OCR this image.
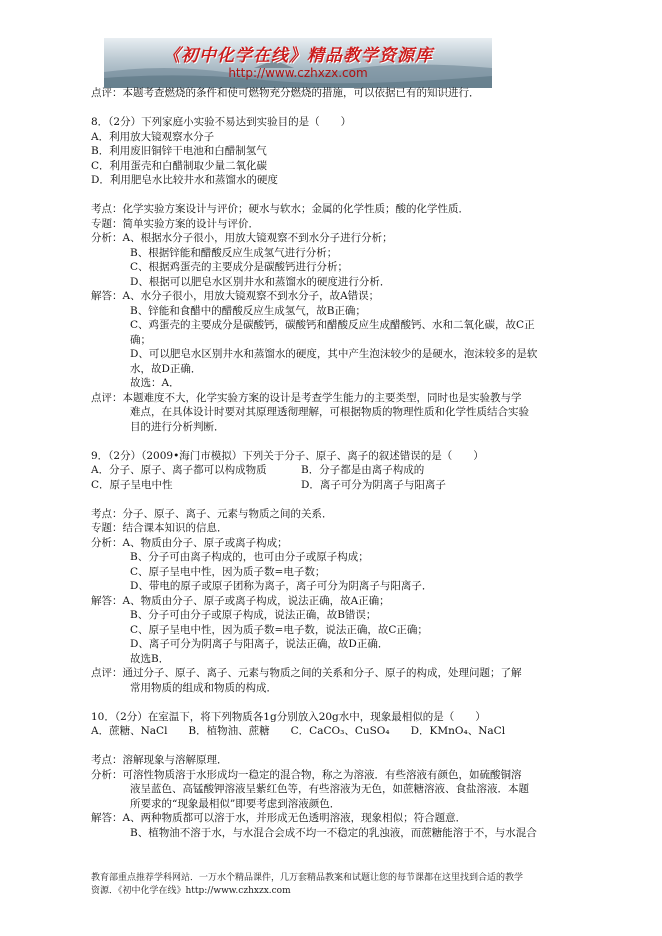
《初中化学在线》精品教学资源库
http://www.czhxzx.com
点评：本题考查燃烧的条件和使可燃物充分燃烧的措施，可以依据已有的知识进行．
8．（2分）下列家庭小实验不易达到实验目的是（　　）
A．利用放大镜观察水分子
B．利用废旧铜锌干电池和白醋制氢气
C．利用蛋壳和白醋制取少量二氧化碳
D．利用肥皂水比较井水和蒸馏水的硬度
考点：化学实验方案设计与评价；硬水与软水；金属的化学性质；酸的化学性质．
专题：简单实验方案的设计与评价．
分析：A、根据水分子很小，用放大镜观察不到水分子进行分析；
B、根据锌能和醋酸反应生成氢气进行分析；
C、根据鸡蛋壳的主要成分是碳酸钙进行分析；
D、根据可以肥皂水区别井水和蒸馏水的硬度进行分析．
解答：A、水分子很小，用放大镜观察不到水分子，故A错误；
B、锌能和食醋中的醋酸反应生成氢气，故B正确；
C、鸡蛋壳的主要成分是碳酸钙，碳酸钙和醋酸反应生成醋酸钙、水和二氧化碳，故C正
确；
D、可以肥皂水区别井水和蒸馏水的硬度，其中产生泡沫较少的是硬水，泡沫较多的是软
水，故D正确．
故选：A．
点评：本题难度不大，化学实验方案的设计是考查学生能力的主要类型，同时也是实验教与学
难点，在具体设计时要对其原理透彻理解，可根据物质的物理性质和化学性质结合实验
目的进行分析判断．
9．（2分）（2009•海门市模拟）下列关于分子、原子、离子的叙述错误的是（　　）
A．分子、原子、离子都可以构成物质	B．分子都是由离子构成的
C．原子呈电中性	D．离子可分为阴离子与阳离子
考点：分子、原子、离子、元素与物质之间的关系．
专题：结合课本知识的信息．
分析：A、物质由分子、原子或离子构成；
B、分子可由离子构成的，也可由分子或原子构成；
C、原子呈电中性，因为质子数=电子数；
D、带电的原子或原子团称为离子，离子可分为阴离子与阳离子．
解答：A、物质由分子、原子或离子构成，说法正确，故A正确；
B、分子可由分子或原子构成，说法正确，故B错误；
C、原子呈电中性，因为质子数=电子数，说法正确，故C正确；
D、离子可分为阴离子与阳离子，说法正确，故D正确．
故选B．
点评：通过分子、原子、离子、元素与物质之间的关系和分子、原子的构成，处理问题；了解
常用物质的组成和物质的构成．
10．（2分）在室温下，将下列物质各1g分别放入20g水中，现象最相似的是（　　）
A．蔗糖、NaCl　　B．植物油、蔗糖　　C．CaCO₃、CuSO₄　　D．KMnO₄、NaCl
考点：溶解现象与溶解原理．
分析：可溶性物质溶于水形成均一稳定的混合物，称之为溶液．有些溶液有颜色，如硫酸铜溶
液呈蓝色、高锰酸钾溶液呈紫红色等，有些溶液为无色，如蔗糖溶液、食盐溶液．本题
所要求的“现象最相似”即要考虑到溶液颜色．
解答：A、两种物质都可以溶于水，并形成无色透明溶液，现象相似；符合题意．
B、植物油不溶于水，与水混合会成不均一不稳定的乳浊液，而蔗糖能溶于不，与水混合
教育部重点推荐学科网站．一万水个精品课件，几万套精品教案和试题让您的每节课都在这里找到合适的教学
资源．《初中化学在线》http://www.czhxzx.com
